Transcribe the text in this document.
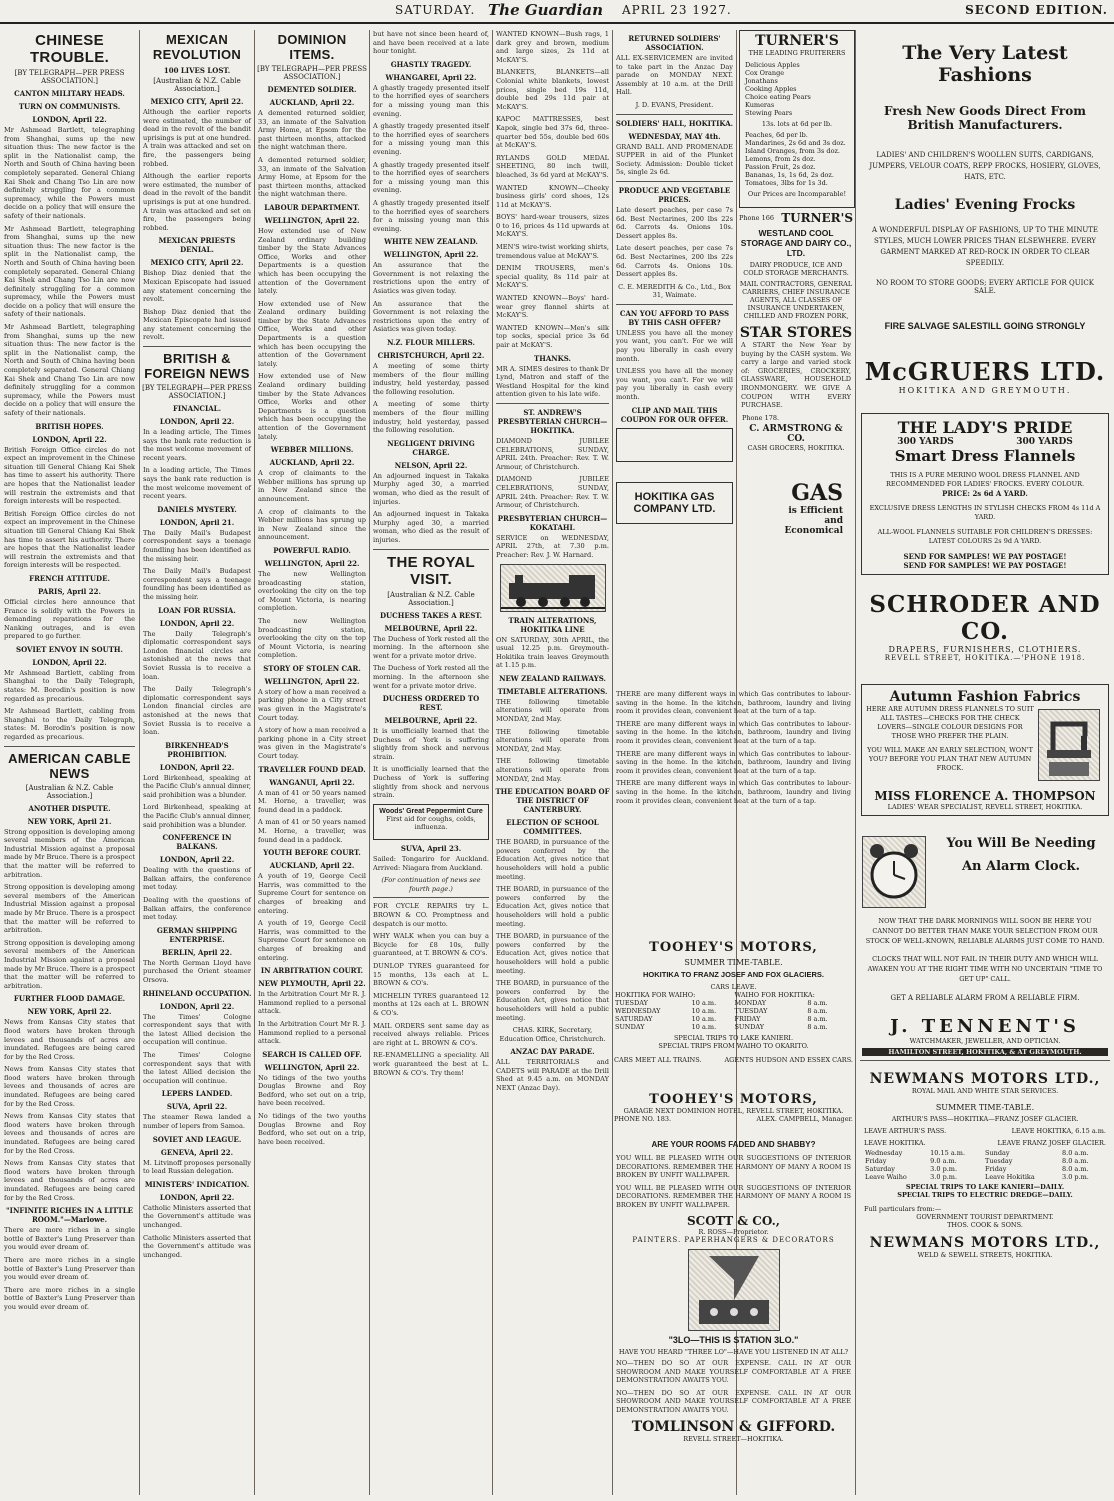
SATURDAY. The Guardian APRIL 23 1927.	SECOND EDITION.
CHINESE TROUBLE.
[BY TELEGRAPH—PER PRESS ASSOCIATION.]
CANTON MILITARY HEADS.
TURN ON COMMUNISTS.
LONDON, April 22.
Mr Ashmead Bartlett, telegraphing from Shanghai, sums up the new situation thus: The new factor is the split in the Nationalist camp, the North and South of China having been completely separated. General Chiang Kai Shek and Chang Tso Lin are now definitely struggling for a common supremacy, while the Powers must decide on a policy that will ensure the safety of their nationals.
Mr Ashmead Bartlett, telegraphing from Shanghai, sums up the new situation thus: The new factor is the split in the Nationalist camp, the North and South of China having been completely separated. General Chiang Kai Shek and Chang Tso Lin are now definitely struggling for a common supremacy, while the Powers must decide on a policy that will ensure the safety of their nationals.
Mr Ashmead Bartlett, telegraphing from Shanghai, sums up the new situation thus: The new factor is the split in the Nationalist camp, the North and South of China having been completely separated. General Chiang Kai Shek and Chang Tso Lin are now definitely struggling for a common supremacy, while the Powers must decide on a policy that will ensure the safety of their nationals.
BRITISH HOPES.
LONDON, April 22.
British Foreign Office circles do not expect an improvement in the Chinese situation till General Chiang Kai Shek has time to assert his authority. There are hopes that the Nationalist leader will restrain the extremists and that foreign interests will be respected.
British Foreign Office circles do not expect an improvement in the Chinese situation till General Chiang Kai Shek has time to assert his authority. There are hopes that the Nationalist leader will restrain the extremists and that foreign interests will be respected.
FRENCH ATTITUDE.
PARIS, April 22.
Official circles here announce that France is solidly with the Powers in demanding reparations for the Nanking outrages, and is even prepared to go further.
SOVIET ENVOY IN SOUTH.
LONDON, April 22.
Mr Ashmead Bartlett, cabling from Shanghai to the Daily Telegraph, states: M. Borodin's position is now regarded as precarious.
Mr Ashmead Bartlett, cabling from Shanghai to the Daily Telegraph, states: M. Borodin's position is now regarded as precarious.
AMERICAN CABLE NEWS
[Australian & N.Z. Cable Association.]
ANOTHER DISPUTE.
NEW YORK, April 21.
Strong opposition is developing among several members of the American Industrial Mission against a proposal made by Mr Bruce. There is a prospect that the matter will be referred to arbitration.
Strong opposition is developing among several members of the American Industrial Mission against a proposal made by Mr Bruce. There is a prospect that the matter will be referred to arbitration.
Strong opposition is developing among several members of the American Industrial Mission against a proposal made by Mr Bruce. There is a prospect that the matter will be referred to arbitration.
FURTHER FLOOD DAMAGE.
NEW YORK, April 22.
News from Kansas City states that flood waters have broken through levees and thousands of acres are inundated. Refugees are being cared for by the Red Cross.
News from Kansas City states that flood waters have broken through levees and thousands of acres are inundated. Refugees are being cared for by the Red Cross.
News from Kansas City states that flood waters have broken through levees and thousands of acres are inundated. Refugees are being cared for by the Red Cross.
News from Kansas City states that flood waters have broken through levees and thousands of acres are inundated. Refugees are being cared for by the Red Cross.
"INFINITE RICHES IN A LITTLE ROOM."—Marlowe.
There are more riches in a single bottle of Baxter's Lung Preserver than you would ever dream of.
There are more riches in a single bottle of Baxter's Lung Preserver than you would ever dream of.
There are more riches in a single bottle of Baxter's Lung Preserver than you would ever dream of.
MEXICAN REVOLUTION
100 LIVES LOST.
[Australian & N.Z. Cable Association.]
MEXICO CITY, April 22.
Although the earlier reports were estimated, the number of dead in the revolt of the bandit uprisings is put at one hundred. A train was attacked and set on fire, the passengers being robbed.
Although the earlier reports were estimated, the number of dead in the revolt of the bandit uprisings is put at one hundred. A train was attacked and set on fire, the passengers being robbed.
MEXICAN PRIESTS DENIAL.
MEXICO CITY, April 22.
Bishop Diaz denied that the Mexican Episcopate had issued any statement concerning the revolt.
Bishop Diaz denied that the Mexican Episcopate had issued any statement concerning the revolt.
BRITISH & FOREIGN NEWS
[BY TELEGRAPH—PER PRESS ASSOCIATION.]
FINANCIAL.
LONDON, April 22.
In a leading article, The Times says the bank rate reduction is the most welcome movement of recent years.
In a leading article, The Times says the bank rate reduction is the most welcome movement of recent years.
DANIELS MYSTERY.
LONDON, April 21.
The Daily Mail's Budapest correspondent says a teenage foundling has been identified as the missing heir.
The Daily Mail's Budapest correspondent says a teenage foundling has been identified as the missing heir.
LOAN FOR RUSSIA.
LONDON, April 22.
The Daily Telegraph's diplomatic correspondent says London financial circles are astonished at the news that Soviet Russia is to receive a loan.
The Daily Telegraph's diplomatic correspondent says London financial circles are astonished at the news that Soviet Russia is to receive a loan.
BIRKENHEAD'S PROHIBITION.
LONDON, April 22.
Lord Birkenhead, speaking at the Pacific Club's annual dinner, said prohibition was a blunder.
Lord Birkenhead, speaking at the Pacific Club's annual dinner, said prohibition was a blunder.
CONFERENCE IN BALKANS.
LONDON, April 22.
Dealing with the questions of Balkan affairs, the conference met today.
Dealing with the questions of Balkan affairs, the conference met today.
GERMAN SHIPPING ENTERPRISE.
BERLIN, April 22.
The North German Lloyd have purchased the Orient steamer Orsova.
RHINELAND OCCUPATION.
LONDON, April 22.
The Times' Cologne correspondent says that with the latest Allied decision the occupation will continue.
The Times' Cologne correspondent says that with the latest Allied decision the occupation will continue.
LEPERS LANDED.
SUVA, April 22.
The steamer Rewa landed a number of lepers from Samoa.
SOVIET AND LEAGUE.
GENEVA, April 22.
M. Litvinoff proposes personally to lead Russian delegation.
MINISTERS' INDICATION.
LONDON, April 22.
Catholic Ministers asserted that the Government's attitude was unchanged.
Catholic Ministers asserted that the Government's attitude was unchanged.
DOMINION ITEMS.
[BY TELEGRAPH—PER PRESS ASSOCIATION.]
DEMENTED SOLDIER.
AUCKLAND, April 22.
A demented returned soldier, 33, an inmate of the Salvation Army Home, at Epsom for the past thirteen months, attacked the night watchman there.
A demented returned soldier, 33, an inmate of the Salvation Army Home, at Epsom for the past thirteen months, attacked the night watchman there.
LABOUR DEPARTMENT.
WELLINGTON, April 22.
How extended use of New Zealand ordinary building timber by the State Advances Office, Works and other Departments is a question which has been occupying the attention of the Government lately.
How extended use of New Zealand ordinary building timber by the State Advances Office, Works and other Departments is a question which has been occupying the attention of the Government lately.
How extended use of New Zealand ordinary building timber by the State Advances Office, Works and other Departments is a question which has been occupying the attention of the Government lately.
WEBBER MILLIONS.
AUCKLAND, April 22.
A crop of claimants to the Webber millions has sprung up in New Zealand since the announcement.
A crop of claimants to the Webber millions has sprung up in New Zealand since the announcement.
POWERFUL RADIO.
WELLINGTON, April 22.
The new Wellington broadcasting station, overlooking the city on the top of Mount Victoria, is nearing completion.
The new Wellington broadcasting station, overlooking the city on the top of Mount Victoria, is nearing completion.
STORY OF STOLEN CAR.
WELLINGTON, April 22.
A story of how a man received a parking phone in a City street was given in the Magistrate's Court today.
A story of how a man received a parking phone in a City street was given in the Magistrate's Court today.
TRAVELLER FOUND DEAD.
WANGANUI, April 22.
A man of 41 or 50 years named M. Horne, a traveller, was found dead in a paddock.
A man of 41 or 50 years named M. Horne, a traveller, was found dead in a paddock.
YOUTH BEFORE COURT.
AUCKLAND, April 22.
A youth of 19, George Cecil Harris, was committed to the Supreme Court for sentence on charges of breaking and entering.
A youth of 19, George Cecil Harris, was committed to the Supreme Court for sentence on charges of breaking and entering.
IN ARBITRATION COURT.
NEW PLYMOUTH, April 22.
In the Arbitration Court Mr R. J. Hammond replied to a personal attack.
In the Arbitration Court Mr R. J. Hammond replied to a personal attack.
SEARCH IS CALLED OFF.
WELLINGTON, April 22.
No tidings of the two youths Douglas Browne and Roy Bedford, who set out on a trip, have been received.
No tidings of the two youths Douglas Browne and Roy Bedford, who set out on a trip, have been received.
but have not since been heard of, and have been received at a late hour tonight.
GHASTLY TRAGEDY.
WHANGAREI, April 22.
A ghastly tragedy presented itself to the horrified eyes of searchers for a missing young man this evening.
A ghastly tragedy presented itself to the horrified eyes of searchers for a missing young man this evening.
A ghastly tragedy presented itself to the horrified eyes of searchers for a missing young man this evening.
A ghastly tragedy presented itself to the horrified eyes of searchers for a missing young man this evening.
WHITE NEW ZEALAND.
WELLINGTON, April 22.
An assurance that the Government is not relaxing the restrictions upon the entry of Asiatics was given today.
An assurance that the Government is not relaxing the restrictions upon the entry of Asiatics was given today.
N.Z. FLOUR MILLERS.
CHRISTCHURCH, April 22.
A meeting of some thirty members of the flour milling industry, held yesterday, passed the following resolution.
A meeting of some thirty members of the flour milling industry, held yesterday, passed the following resolution.
NEGLIGENT DRIVING CHARGE.
NELSON, April 22.
An adjourned inquest in Takaka Murphy aged 30, a married woman, who died as the result of injuries.
An adjourned inquest in Takaka Murphy aged 30, a married woman, who died as the result of injuries.
THE ROYAL VISIT.
[Australian & N.Z. Cable Association.]
DUCHESS TAKES A REST.
MELBOURNE, April 22.
The Duchess of York rested all the morning. In the afternoon she went for a private motor drive.
The Duchess of York rested all the morning. In the afternoon she went for a private motor drive.
DUCHESS ORDERED TO REST.
MELBOURNE, April 22.
It is unofficially learned that the Duchess of York is suffering slightly from shock and nervous strain.
It is unofficially learned that the Duchess of York is suffering slightly from shock and nervous strain.
Woods' Great Peppermint Cure
First aid for coughs, colds, influenza.
SUVA, April 23.
Sailed: Tongariro for Auckland. Arrived: Niagara from Auckland.
(For continuation of news see fourth page.)
FOR CYCLE REPAIRS try L. BROWN & CO. Promptness and despatch is our motto.
WHY WALK when you can buy a Bicycle for £8 10s, fully guaranteed, at T. BROWN & CO's.
DUNLOP TYRES guaranteed for 15 months, 13s each at L. BROWN & CO's.
MICHELIN TYRES guaranteed 12 months at 12s each at L. BROWN & CO's.
MAIL ORDERS sent same day as received always reliable. Prices are right at L. BROWN & CO's.
RE-ENAMELLING a speciality. All work guaranteed the best at L. BROWN & CO's. Try them!
WANTED KNOWN—Bush rags, 1 dark grey and brown, medium and large sizes, 2s 11d at McKAY'S.
BLANKETS, BLANKETS—all Colonial white blankets, lowest prices, single bed 19s 11d, double bed 29s 11d pair at McKAY'S.
KAPOC MATTRESSES, best Kapok, single bed 37s 6d, three-quarter bed 55s, double bed 60s at McKAY'S.
RYLANDS GOLD MEDAL SHEETING, 80 inch twill, bleached, 3s 6d yard at McKAY'S.
WANTED KNOWN—Cheeky business girls' cord shoes, 12s 11d at McKAY'S.
BOYS' hard-wear trousers, sizes 0 to 16, prices 4s 11d upwards at McKAY'S.
MEN'S wire-twist working shirts, tremendous value at McKAY'S.
DENIM TROUSERS, men's special quality, 8s 11d pair at McKAY'S.
WANTED KNOWN—Boys' hard-wear grey flannel shirts at McKAY'S.
WANTED KNOWN—Men's silk top socks, special price 3s 6d pair at McKAY'S.
THANKS.
MR A. SIMES desires to thank Dr Lynd, Matron and staff of the Westland Hospital for the kind attention given to his late wife.
ST. ANDREW'S PRESBYTERIAN CHURCH—HOKITIKA.
DIAMOND JUBILEE CELEBRATIONS, SUNDAY, APRIL 24th. Preacher: Rev. T. W. Armour, of Christchurch.
DIAMOND JUBILEE CELEBRATIONS, SUNDAY, APRIL 24th. Preacher: Rev. T. W. Armour, of Christchurch.
PRESBYTERIAN CHURCH—KOKATAHI.
SERVICE on WEDNESDAY, APRIL 27th, at 7.30 p.m. Preacher: Rev. J. W. Harnard.
TRAIN ALTERATIONS, HOKITIKA LINE
ON SATURDAY, 30th APRIL, the usual 12.25 p.m. Greymouth-Hokitika train leaves Greymouth at 1.15 p.m.
NEW ZEALAND RAILWAYS.
TIMETABLE ALTERATIONS.
THE following timetable alterations will operate from MONDAY, 2nd May.
THE following timetable alterations will operate from MONDAY, 2nd May.
THE following timetable alterations will operate from MONDAY, 2nd May.
THE EDUCATION BOARD OF THE DISTRICT OF CANTERBURY.
ELECTION OF SCHOOL COMMITTEES.
THE BOARD, in pursuance of the powers conferred by the Education Act, gives notice that householders will hold a public meeting.
THE BOARD, in pursuance of the powers conferred by the Education Act, gives notice that householders will hold a public meeting.
THE BOARD, in pursuance of the powers conferred by the Education Act, gives notice that householders will hold a public meeting.
THE BOARD, in pursuance of the powers conferred by the Education Act, gives notice that householders will hold a public meeting.
CHAS. KIRK, Secretary, Education Office, Christchurch.
ANZAC DAY PARADE.
ALL TERRITORIALS and CADETS will PARADE at the Drill Shed at 9.45 a.m. on MONDAY NEXT (Anzac Day).
RETURNED SOLDIERS' ASSOCIATION.
ALL EX-SERVICEMEN are invited to take part in the Anzac Day parade on MONDAY NEXT. Assembly at 10 a.m. at the Drill Hall.
J. D. EVANS, President.
SOLDIERS' HALL, HOKITIKA.
WEDNESDAY, MAY 4th.
GRAND BALL AND PROMENADE SUPPER in aid of the Plunket Society. Admission: Double ticket 5s, single 2s 6d.
PRODUCE AND VEGETABLE PRICES.
Late desert peaches, per case 7s 6d. Best Nectarines, 200 lbs 22s 6d. Carrots 4s. Onions 10s. Dessert apples 8s.
Late desert peaches, per case 7s 6d. Best Nectarines, 200 lbs 22s 6d. Carrots 4s. Onions 10s. Dessert apples 8s.
C. E. MEREDITH & Co., Ltd., Box 31, Waimate.
CAN YOU AFFORD TO PASS BY THIS CASH OFFER?
UNLESS you have all the money you want, you can't. For we will pay you liberally in cash every month.
UNLESS you have all the money you want, you can't. For we will pay you liberally in cash every month.
CLIP AND MAIL THIS COUPON FOR OUR OFFER.
HOKITIKA GAS COMPANY LTD.
TURNER'S
THE LEADING FRUITERERS
Delicious Apples
Cox Orange
Jonathans
Cooking Apples
Choice eating Pears
Kumeras
Stewing Pears
13s. lots at 6d per lb.
Peaches, 6d per lb.
Mandarines, 2s 6d and 3s doz.
Island Oranges, from 3s doz.
Lemons, from 2s doz.
Passion Fruit, 2s doz.
Bananas, 1s, 1s 6d, 2s doz.
Tomatoes, 3lbs for 1s 3d.
Our Prices are Incomparable!
Phone 166 TURNER'S
WESTLAND COOL STORAGE AND DAIRY CO., LTD.
DAIRY PRODUCE, ICE AND COLD STORAGE MERCHANTS.
MAIL CONTRACTORS, GENERAL CARRIERS, CHIEF INSURANCE AGENTS, ALL CLASSES OF INSURANCE UNDERTAKEN, CHILLED AND FROZEN PORK,
STAR STORES
A START the New Year by buying by the CASH system. We carry a large and varied stock of: GROCERIES, CROCKERY, GLASSWARE, HOUSEHOLD IRONMONGERY. WE GIVE A COUPON WITH EVERY PURCHASE.
Phone 178.
C. ARMSTRONG & CO.
CASH GROCERS, HOKITIKA.
GAS
is Efficient
and
Economical
THERE are many different ways in which Gas contributes to labour-saving in the home. In the kitchen, bathroom, laundry and living room it provides clean, convenient heat at the turn of a tap.
THERE are many different ways in which Gas contributes to labour-saving in the home. In the kitchen, bathroom, laundry and living room it provides clean, convenient heat at the turn of a tap.
THERE are many different ways in which Gas contributes to labour-saving in the home. In the kitchen, bathroom, laundry and living room it provides clean, convenient heat at the turn of a tap.
THERE are many different ways in which Gas contributes to labour-saving in the home. In the kitchen, bathroom, laundry and living room it provides clean, convenient heat at the turn of a tap.
TOOHEY'S MOTORS,
SUMMER TIME-TABLE.
HOKITIKA TO FRANZ JOSEF AND FOX GLACIERS.
CARS LEAVE.
HOKITIKA FOR WAIHO:		WAIHO FOR HOKITIKA:	
TUESDAY	10 a.m.	MONDAY	8 a.m.
WEDNESDAY	10 a.m.	TUESDAY	8 a.m.
SATURDAY	10 a.m.	FRIDAY	8 a.m.
SUNDAY	10 a.m.	SUNDAY	8 a.m.
SPECIAL TRIPS TO LAKE KANIERI.
SPECIAL TRIPS FROM WAIHO TO OKARITO.
CARS MEET ALL TRAINS.	AGENTS HUDSON AND ESSEX CARS.
TOOHEY'S MOTORS,
GARAGE NEXT DOMINION HOTEL, REVELL STREET, HOKITIKA.
PHONE NO. 183.	ALEX. CAMPBELL, Manager.
ARE YOUR ROOMS FADED AND SHABBY?
YOU WILL BE PLEASED WITH OUR SUGGESTIONS OF INTERIOR DECORATIONS. REMEMBER THE HARMONY OF MANY A ROOM IS BROKEN BY UNFIT WALLPAPER.
YOU WILL BE PLEASED WITH OUR SUGGESTIONS OF INTERIOR DECORATIONS. REMEMBER THE HARMONY OF MANY A ROOM IS BROKEN BY UNFIT WALLPAPER.
SCOTT & CO.,
R. ROSS—Proprietor.
PAINTERS, PAPERHANGERS & DECORATORS
"3LO—THIS IS STATION 3LO."
HAVE YOU HEARD "THREE LO"—HAVE YOU LISTENED IN AT ALL?
NO—THEN DO SO AT OUR EXPENSE. CALL IN AT OUR SHOWROOM AND MAKE YOURSELF COMFORTABLE AT A FREE DEMONSTRATION AWAITS YOU.
NO—THEN DO SO AT OUR EXPENSE. CALL IN AT OUR SHOWROOM AND MAKE YOURSELF COMFORTABLE AT A FREE DEMONSTRATION AWAITS YOU.
TOMLINSON & GIFFORD.
REVELL STREET—HOKITIKA.
The Very Latest Fashions
Fresh New Goods Direct From British Manufacturers.
LADIES' AND CHILDREN'S WOOLLEN SUITS, CARDIGANS, JUMPERS, VELOUR COATS, REPP FROCKS, HOSIERY, GLOVES, HATS, ETC.
Ladies' Evening Frocks
A WONDERFUL DISPLAY OF FASHIONS, UP TO THE MINUTE STYLES, MUCH LOWER PRICES THAN ELSEWHERE. EVERY GARMENT MARKED AT RED-ROCK IN ORDER TO CLEAR SPEEDILY.
NO ROOM TO STORE GOODS; EVERY ARTICLE FOR QUICK SALE.
FIRE SALVAGE SALESTILL GOING STRONGLY
McGRUERS LTD.
HOKITIKA AND GREYMOUTH.
THE LADY'S PRIDE
300 YARDS	300 YARDS
Smart Dress Flannels
THIS IS A PURE MERINO WOOL DRESS FLANNEL AND RECOMMENDED FOR LADIES' FROCKS. EVERY COLOUR.
PRICE: 2s 6d A YARD.
EXCLUSIVE DRESS LENGTHS IN STYLISH CHECKS FROM 4s 11d A YARD.
ALL-WOOL FLANNELS SUITABLE FOR CHILDREN'S DRESSES: LATEST COLOURS 2s 9d A YARD.
SEND FOR SAMPLES! WE PAY POSTAGE!
SEND FOR SAMPLES! WE PAY POSTAGE!
SCHRODER AND CO.
DRAPERS, FURNISHERS, CLOTHIERS.
REVELL STREET, HOKITIKA.—'PHONE 1918.
Autumn Fashion Fabrics
HERE ARE AUTUMN DRESS FLANNELS TO SUIT ALL TASTES—CHECKS FOR THE CHECK LOVERS—SINGLE COLOUR DESIGNS FOR THOSE WHO PREFER THE PLAIN.
YOU WILL MAKE AN EARLY SELECTION, WON'T YOU? BEFORE YOU PLAN THAT NEW AUTUMN FROCK.
MISS FLORENCE A. THOMPSON
LADIES' WEAR SPECIALIST, REVELL STREET, HOKITIKA.
You Will Be Needing
An Alarm Clock.
NOW THAT THE DARK MORNINGS WILL SOON BE HERE YOU CANNOT DO BETTER THAN MAKE YOUR SELECTION FROM OUR STOCK OF WELL-KNOWN, RELIABLE ALARMS JUST COME TO HAND.
CLOCKS THAT WILL NOT FAIL IN THEIR DUTY AND WHICH WILL AWAKEN YOU AT THE RIGHT TIME WITH NO UNCERTAIN "TIME TO GET UP" CALL.
GET A RELIABLE ALARM FROM A RELIABLE FIRM.
J. TENNENT'S
WATCHMAKER, JEWELLER, AND OPTICIAN.
HAMILTON STREET, HOKITIKA, & AT GREYMOUTH.
NEWMANS MOTORS LTD.,
ROYAL MAIL AND WHITE STAR SERVICES.
SUMMER TIME-TABLE.
ARTHUR'S PASS—HOKITIKA—FRANZ JOSEF GLACIER.
LEAVE ARTHUR'S PASS.	LEAVE HOKITIKA, 6.15 a.m.
LEAVE HOKITIKA.	LEAVE FRANZ JOSEF GLACIER.
Wednesday	10.15 a.m.	Sunday	8.0 a.m.
Friday	9.0 a.m.	Tuesday	8.0 a.m.
Saturday	3.0 p.m.	Friday	8.0 a.m.
Leave Waiho	3.0 p.m.	Leave Hokitika	3.0 p.m.
SPECIAL TRIPS TO LAKE KANIERI—DAILY.
SPECIAL TRIPS TO ELECTRIC DREDGE—DAILY.
Full particulars from:—
GOVERNMENT TOURIST DEPARTMENT.
THOS. COOK & SONS.
NEWMANS MOTORS LTD.,
WELD & SEWELL STREETS, HOKITIKA.
